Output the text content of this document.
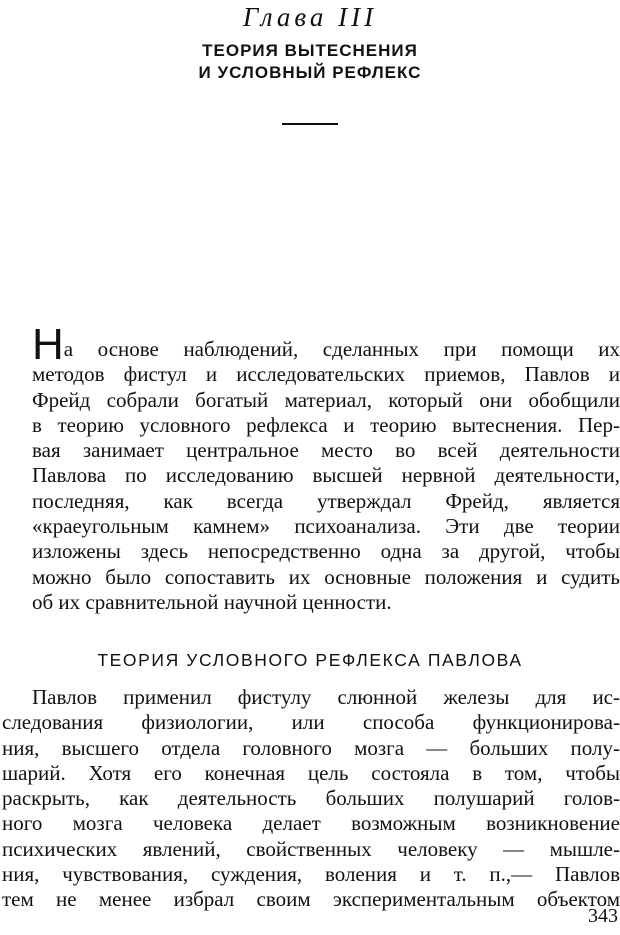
Глава III
ТЕОРИЯ ВЫТЕСНЕНИЯ
И УСЛОВНЫЙ РЕФЛЕКС
На основе наблюдений, сделанных при помощи их
методов фистул и исследовательских приемов, Павлов и
Фрейд собрали богатый материал, который они обобщили
в теорию условного рефлекса и теорию вытеснения. Пер-
вая занимает центральное место во всей деятельности
Павлова по исследованию высшей нервной деятельности,
последняя, как всегда утверждал Фрейд, является
«краеугольным камнем» психоанализа. Эти две теории
изложены здесь непосредственно одна за другой, чтобы
можно было сопоставить их основные положения и судить
об их сравнительной научной ценности.
ТЕОРИЯ УСЛОВНОГО РЕФЛЕКСА ПАВЛОВА
Павлов применил фистулу слюнной железы для ис-
следования физиологии, или способа функционирова-
ния, высшего отдела головного мозга — больших полу-
шарий. Хотя его конечная цель состояла в том, чтобы
раскрыть, как деятельность больших полушарий голов-
ного мозга человека делает возможным возникновение
психических явлений, свойственных человеку — мышле-
ния, чувствования, суждения, воления и т. п.,— Павлов
тем не менее избрал своим экспериментальным объектом
343
